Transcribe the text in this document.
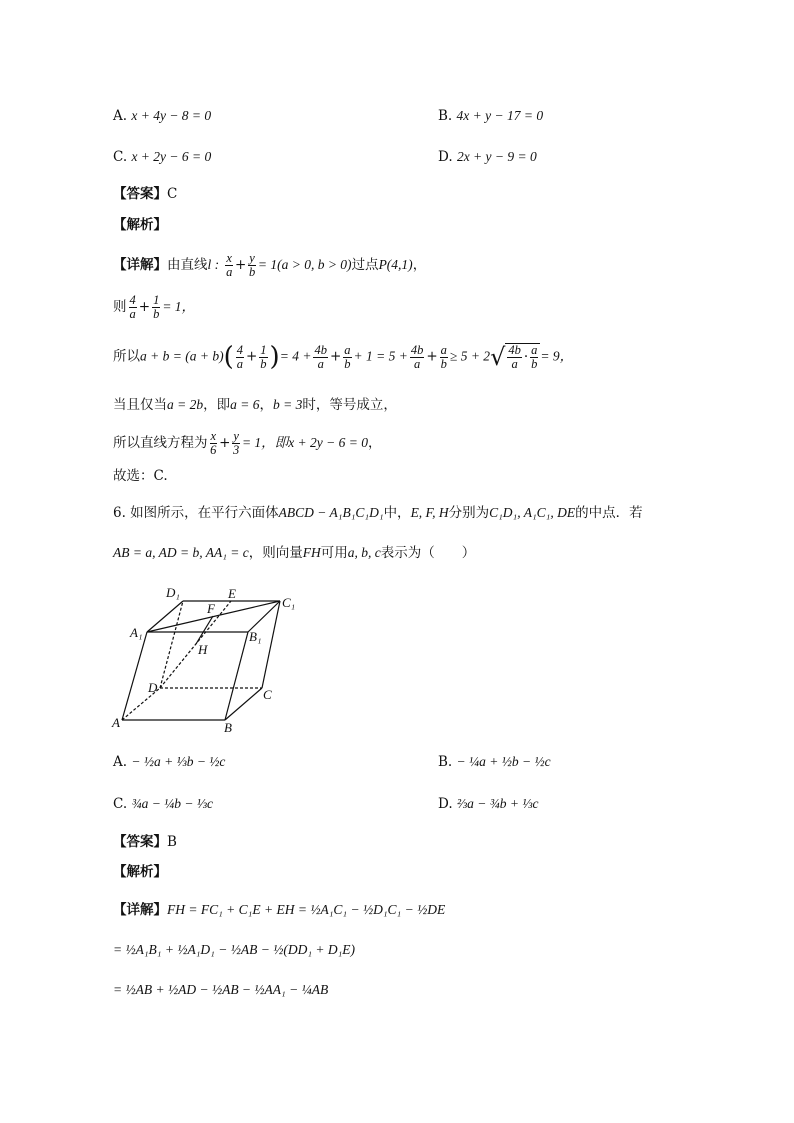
A. x + 4y − 8 = 0	B. 4x + y − 17 = 0
C. x + 2y − 6 = 0	D. 2x + y − 9 = 0
【答案】C
【解析】
【详解】由直线l : $\frac{x}{a} + \frac{y}{b} = 1(a > 0$, b > 0)过点P(4,1)，
则 $\frac{4}{a} + \frac{1}{b} = 1$，
所以$a + b = (a + b)( \frac{4}{a} + \frac{1}{b}$ )= $4 + \frac{4b}{a} + \frac{a}{b} + 1 = 5 + \frac{4b}{a} + \frac{a}{b} \ge 5 + 2√ \frac{4b}{a} \cdot \frac{a}{b} = 9$，
当且仅当a = 2b，即a = 6，b = 3时，等号成立，
所以直线方程为 $\frac{x}{6} + \frac{y}{3} = 1$，即x + 2y − 6 = 0，
故选：C.
6. 如图所示，在平行六面体ABCD − A₁B₁C₁D₁中，E, F, H分别为C₁D₁, A₁C₁, DE的中点．若
AB = a, AD = b, AA₁ = c，则向量FH可用a, b, c表示为（　　）
A₁
D₁	E
F	C₁
B₁
H
D	C
A	B
A. − ½a + ⅓b − ½c	B. − ¼a + ½b − ½c
C. ¾a − ¼b − ⅓c	D. ⅔a − ¾b + ⅓c
【答案】B
【解析】
【详解】FH = FC₁ + C₁E + EH = ½A₁C₁ − ½D₁C₁ − ½DE
= ½A₁B₁ + ½A₁D₁ − ½AB − ½(DD₁ + D₁E)
= ½AB + ½AD − ½AB − ½AA₁ − ¼AB
